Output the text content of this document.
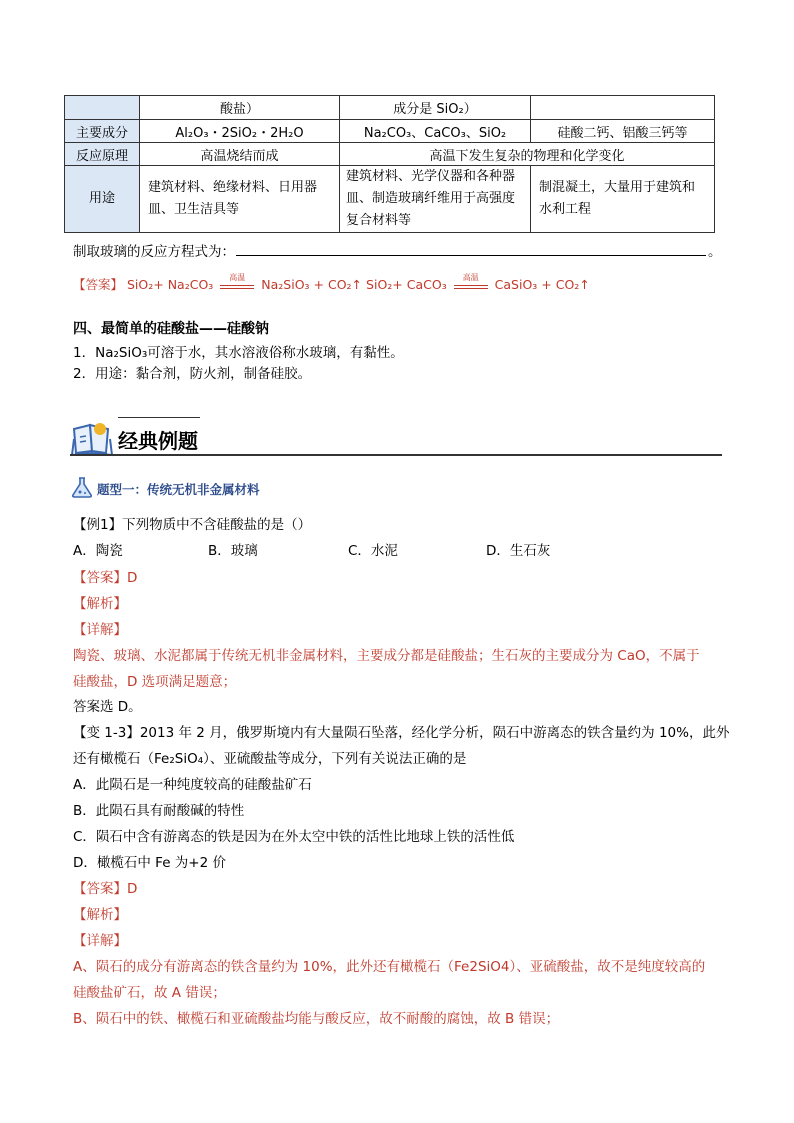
	酸盐）	成分是 SiO₂）	
主要成分	Al₂O₃・2SiO₂・2H₂O	Na₂CO₃、CaCO₃、SiO₂	硅酸二钙、铝酸三钙等
反应原理	高温烧结而成	高温下发生复杂的物理和化学变化	
用途	建筑材料、绝缘材料、日用器皿、卫生洁具等	建筑材料、光学仪器和各种器皿、制造玻璃纤维用于高强度复合材料等	制混凝土，大量用于建筑和水利工程
制取玻璃的反应方程式为：	。
【答案】 SiO₂+ Na₂CO₃	高温	Na₂SiO₃ + CO₂↑ SiO₂+ CaCO₃	高温	CaSiO₃ + CO₂↑
四、最简单的硅酸盐——硅酸钠
1．Na₂SiO₃可溶于水，其水溶液俗称水玻璃，有黏性。
2．用途：黏合剂，防火剂，制备硅胶。
经典例题
题型一：传统无机非金属材料
【例1】下列物质中不含硅酸盐的是（）
A．陶瓷	B．玻璃	C．水泥	D．生石灰
【答案】D
【解析】
【详解】
陶瓷、玻璃、水泥都属于传统无机非金属材料，主要成分都是硅酸盐；生石灰的主要成分为 CaO，不属于
硅酸盐，D 选项满足题意；
答案选 D。
【变 1-3】2013 年 2 月，俄罗斯境内有大量陨石坠落，经化学分析，陨石中游离态的铁含量约为 10%，此外
还有橄榄石（Fe₂SiO₄）、亚硫酸盐等成分，下列有关说法正确的是
A．此陨石是一种纯度较高的硅酸盐矿石
B．此陨石具有耐酸碱的特性
C．陨石中含有游离态的铁是因为在外太空中铁的活性比地球上铁的活性低
D．橄榄石中 Fe 为+2 价
【答案】D
【解析】
【详解】
A、陨石的成分有游离态的铁含量约为 10%，此外还有橄榄石（Fe2SiO4）、亚硫酸盐，故不是纯度较高的
硅酸盐矿石，故 A 错误；
B、陨石中的铁、橄榄石和亚硫酸盐均能与酸反应，故不耐酸的腐蚀，故 B 错误；
